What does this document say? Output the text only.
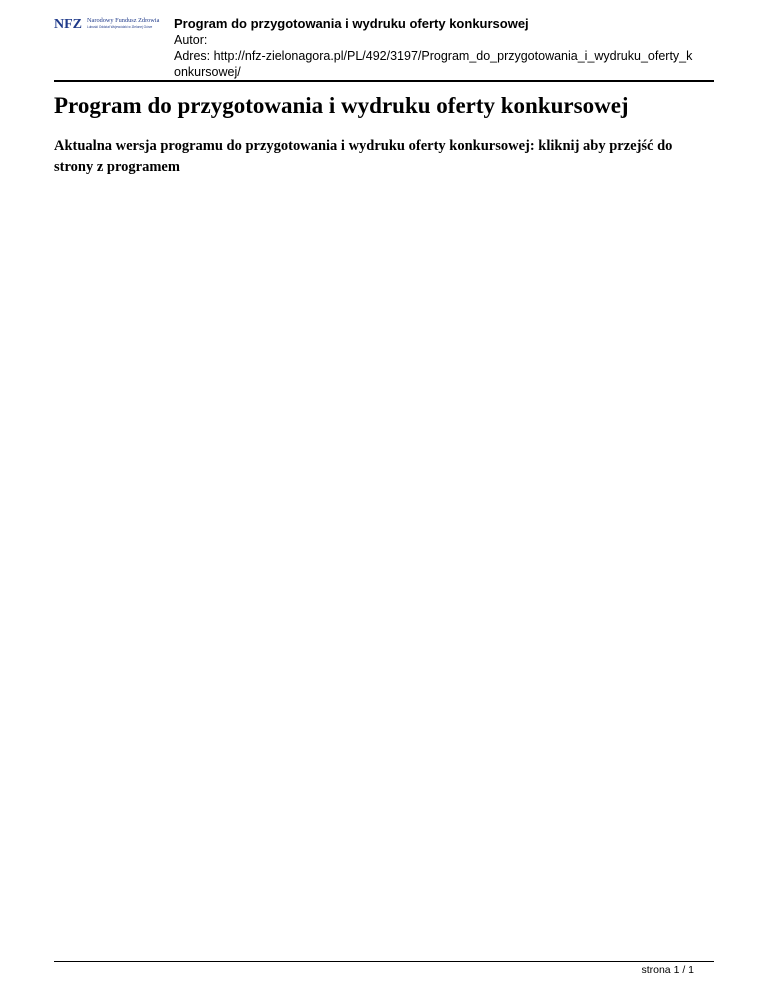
NFZ Narodowy Fundusz Zdrowia
Lubuski Oddział Wojewódzki w Zielonej Górze Program do przygotowania i wydruku oferty konkursowej
Autor:
Adres: http://nfz-zielonagora.pl/PL/492/3197/Program_do_przygotowania_i_wydruku_oferty_k
onkursowej/
Program do przygotowania i wydruku oferty konkursowej

Aktualna wersja programu do przygotowania i wydruku oferty konkursowej: kliknij aby przejść do strony z programem

strona 1 / 1
